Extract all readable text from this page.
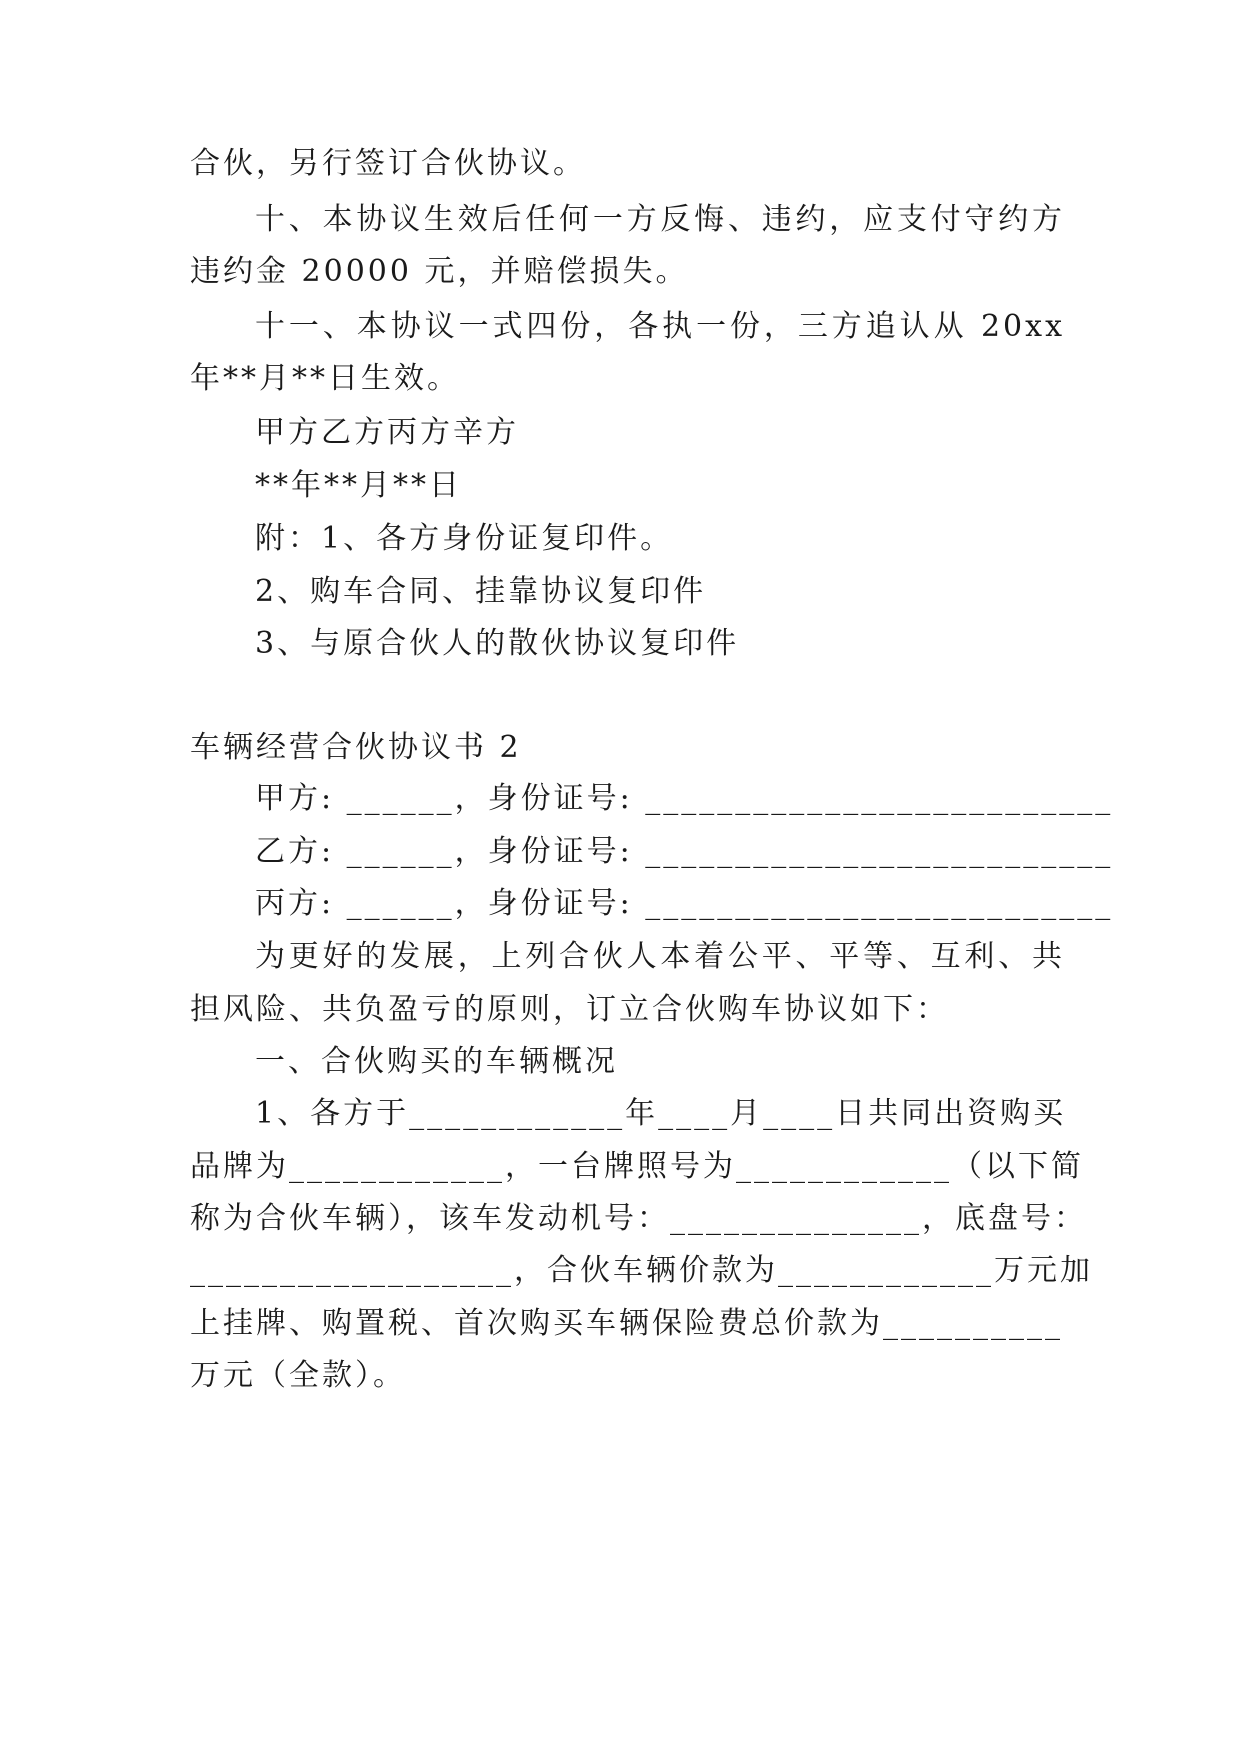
合伙，另行签订合伙协议。
十、本协议生效后任何一方反悔、违约，应支付守约方
违约金 20000 元，并赔偿损失。
十一、本协议一式四份，各执一份，三方追认从 20xx
年**月**日生效。
甲方乙方丙方辛方
**年**月**日
附：1、各方身份证复印件。
2、购车合同、挂靠协议复印件
3、与原合伙人的散伙协议复印件
车辆经营合伙协议书 2
甲方: ______，身份证号: __________________________
乙方: ______，身份证号: __________________________
丙方: ______，身份证号: __________________________
为更好的发展，上列合伙人本着公平、平等、互利、共
担风险、共负盈亏的原则，订立合伙购车协议如下：
一、合伙购买的车辆概况
1、各方于____________年____月____日共同出资购买
品牌为____________，一台牌照号为____________（以下简
称为合伙车辆），该车发动机号：______________，底盘号：
__________________，合伙车辆价款为____________万元加
上挂牌、购置税、首次购买车辆保险费总价款为__________
万元（全款）。
